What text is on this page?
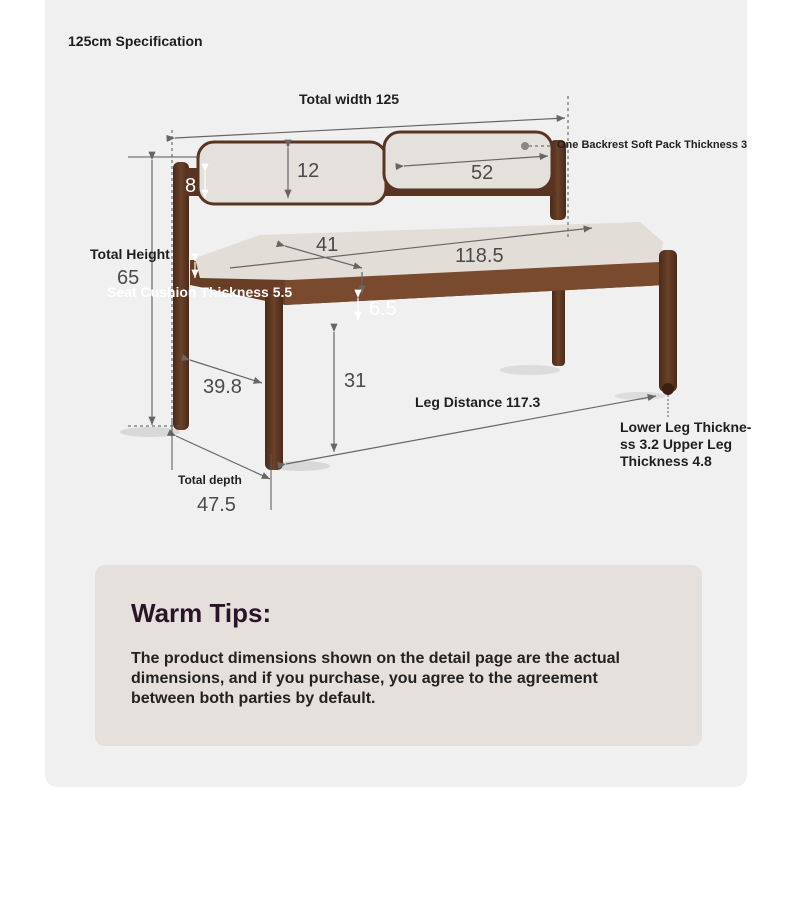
125cm Specification
Total width 125
One Backrest Soft Pack Thickness 3
12
8
52
41	118.5
Total Height
65
Seat Cushion Thickness 5.5
6.5
39.8	31
Leg Distance 117.3
Lower Leg Thickne-ss 3.2 Upper Leg Thickness 4.8
Total depth
47.5
Warm Tips:
The product dimensions shown on the detail page are the actual dimensions, and if you purchase, you agree to the agreement between both parties by default.
